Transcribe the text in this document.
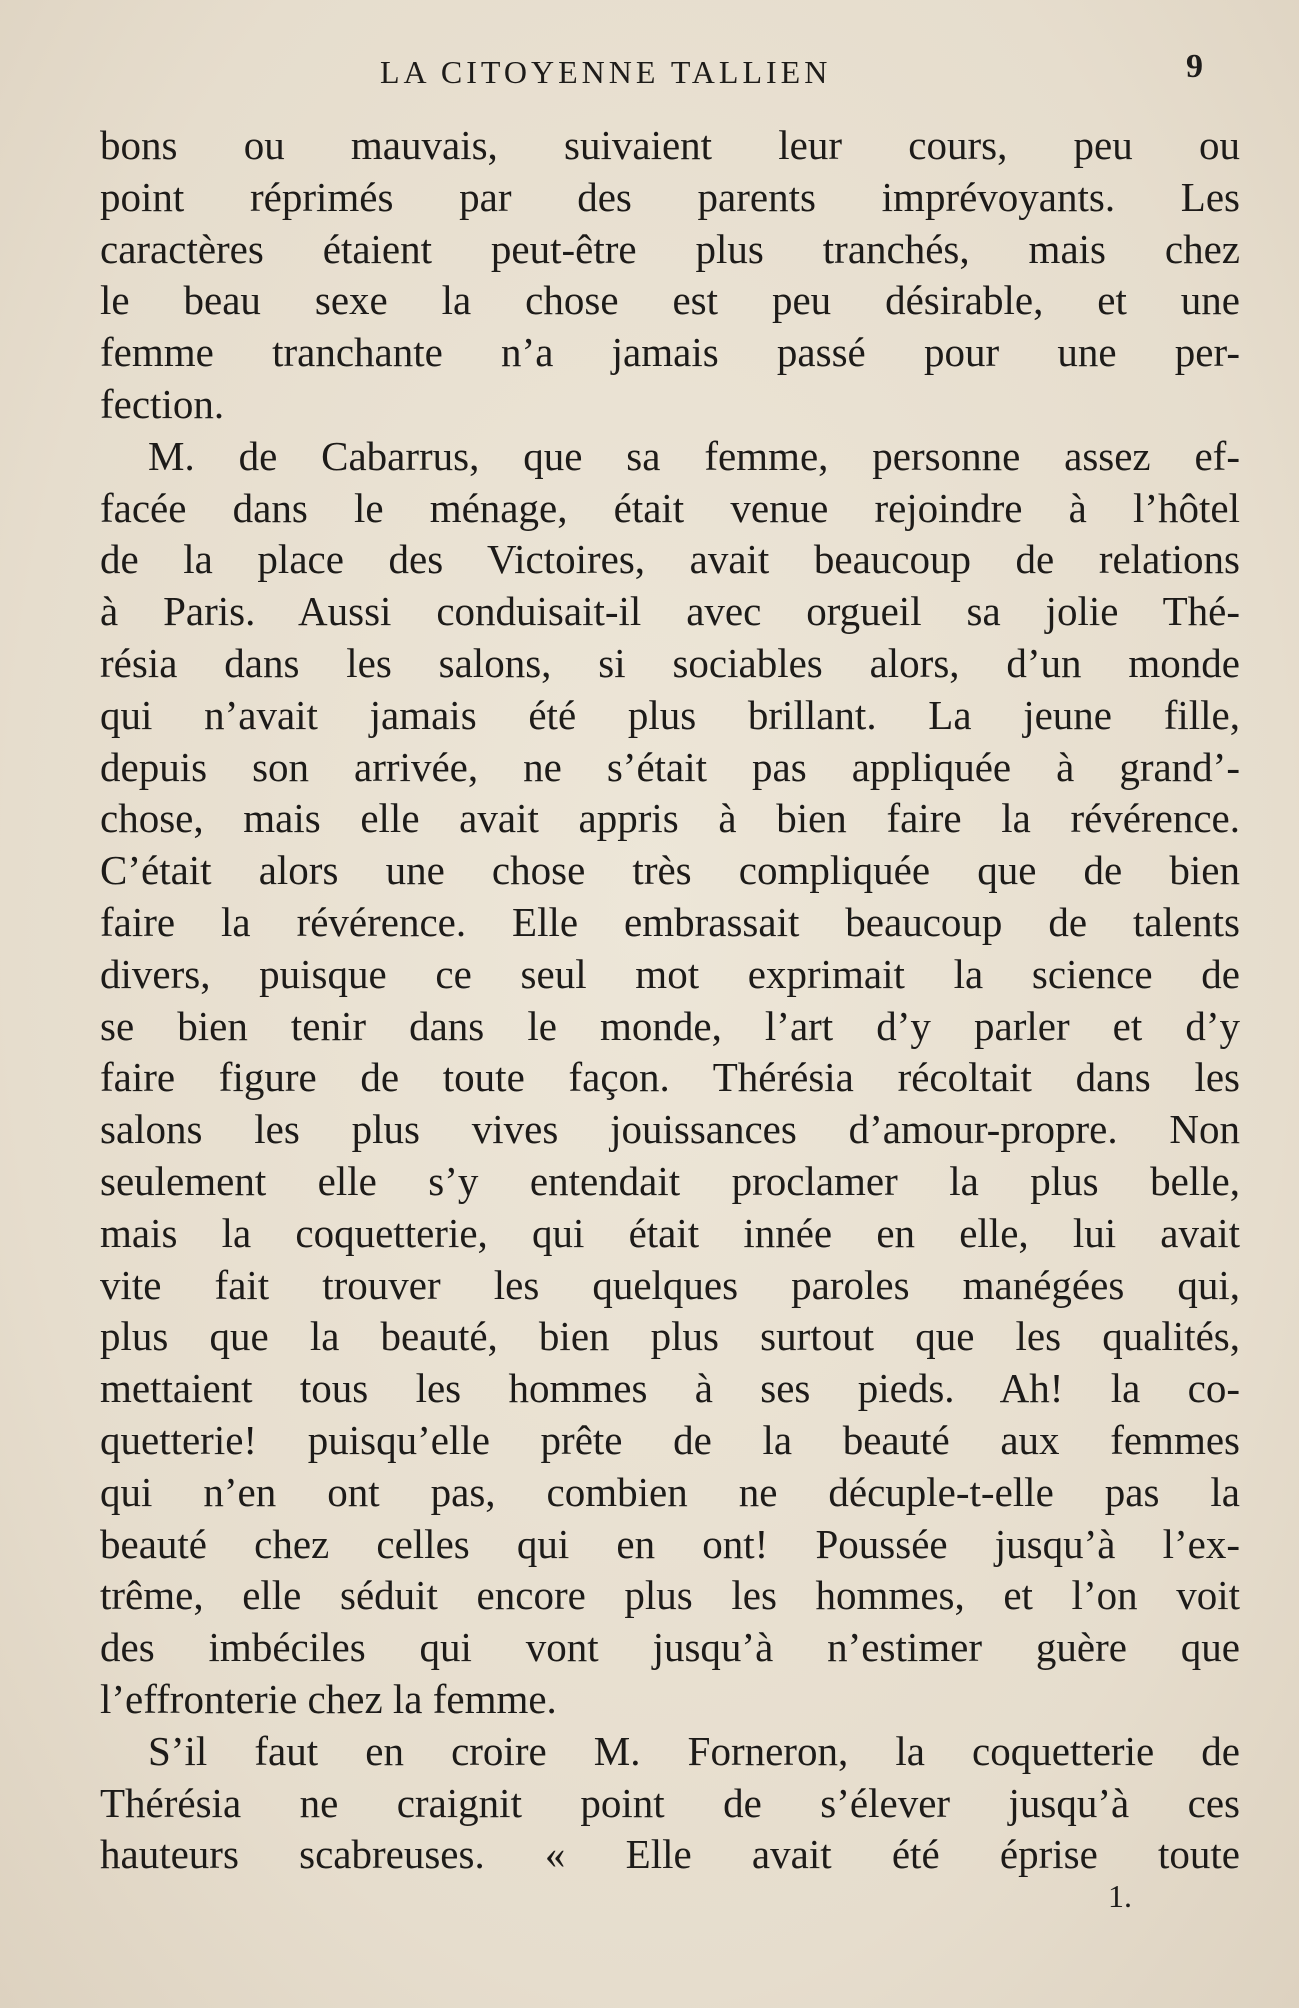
LA CITOYENNE TALLIEN	9
bons ou mauvais, suivaient leur cours, peu ou
point réprimés par des parents imprévoyants. Les
caractères étaient peut-être plus tranchés, mais chez
le beau sexe la chose est peu désirable, et une
femme tranchante n’a jamais passé pour une per-
fection.
M. de Cabarrus, que sa femme, personne assez ef-
facée dans le ménage, était venue rejoindre à l’hôtel
de la place des Victoires, avait beaucoup de relations
à Paris. Aussi conduisait-il avec orgueil sa jolie Thé-
résia dans les salons, si sociables alors, d’un monde
qui n’avait jamais été plus brillant. La jeune fille,
depuis son arrivée, ne s’était pas appliquée à grand’-
chose, mais elle avait appris à bien faire la révérence.
C’était alors une chose très compliquée que de bien
faire la révérence. Elle embrassait beaucoup de talents
divers, puisque ce seul mot exprimait la science de
se bien tenir dans le monde, l’art d’y parler et d’y
faire figure de toute façon. Thérésia récoltait dans les
salons les plus vives jouissances d’amour-propre. Non
seulement elle s’y entendait proclamer la plus belle,
mais la coquetterie, qui était innée en elle, lui avait
vite fait trouver les quelques paroles manégées qui,
plus que la beauté, bien plus surtout que les qualités,
mettaient tous les hommes à ses pieds. Ah! la co-
quetterie! puisqu’elle prête de la beauté aux femmes
qui n’en ont pas, combien ne décuple-t-elle pas la
beauté chez celles qui en ont! Poussée jusqu’à l’ex-
trême, elle séduit encore plus les hommes, et l’on voit
des imbéciles qui vont jusqu’à n’estimer guère que
l’effronterie chez la femme.
S’il faut en croire M. Forneron, la coquetterie de
Thérésia ne craignit point de s’élever jusqu’à ces
hauteurs scabreuses. « Elle avait été éprise toute
1.
